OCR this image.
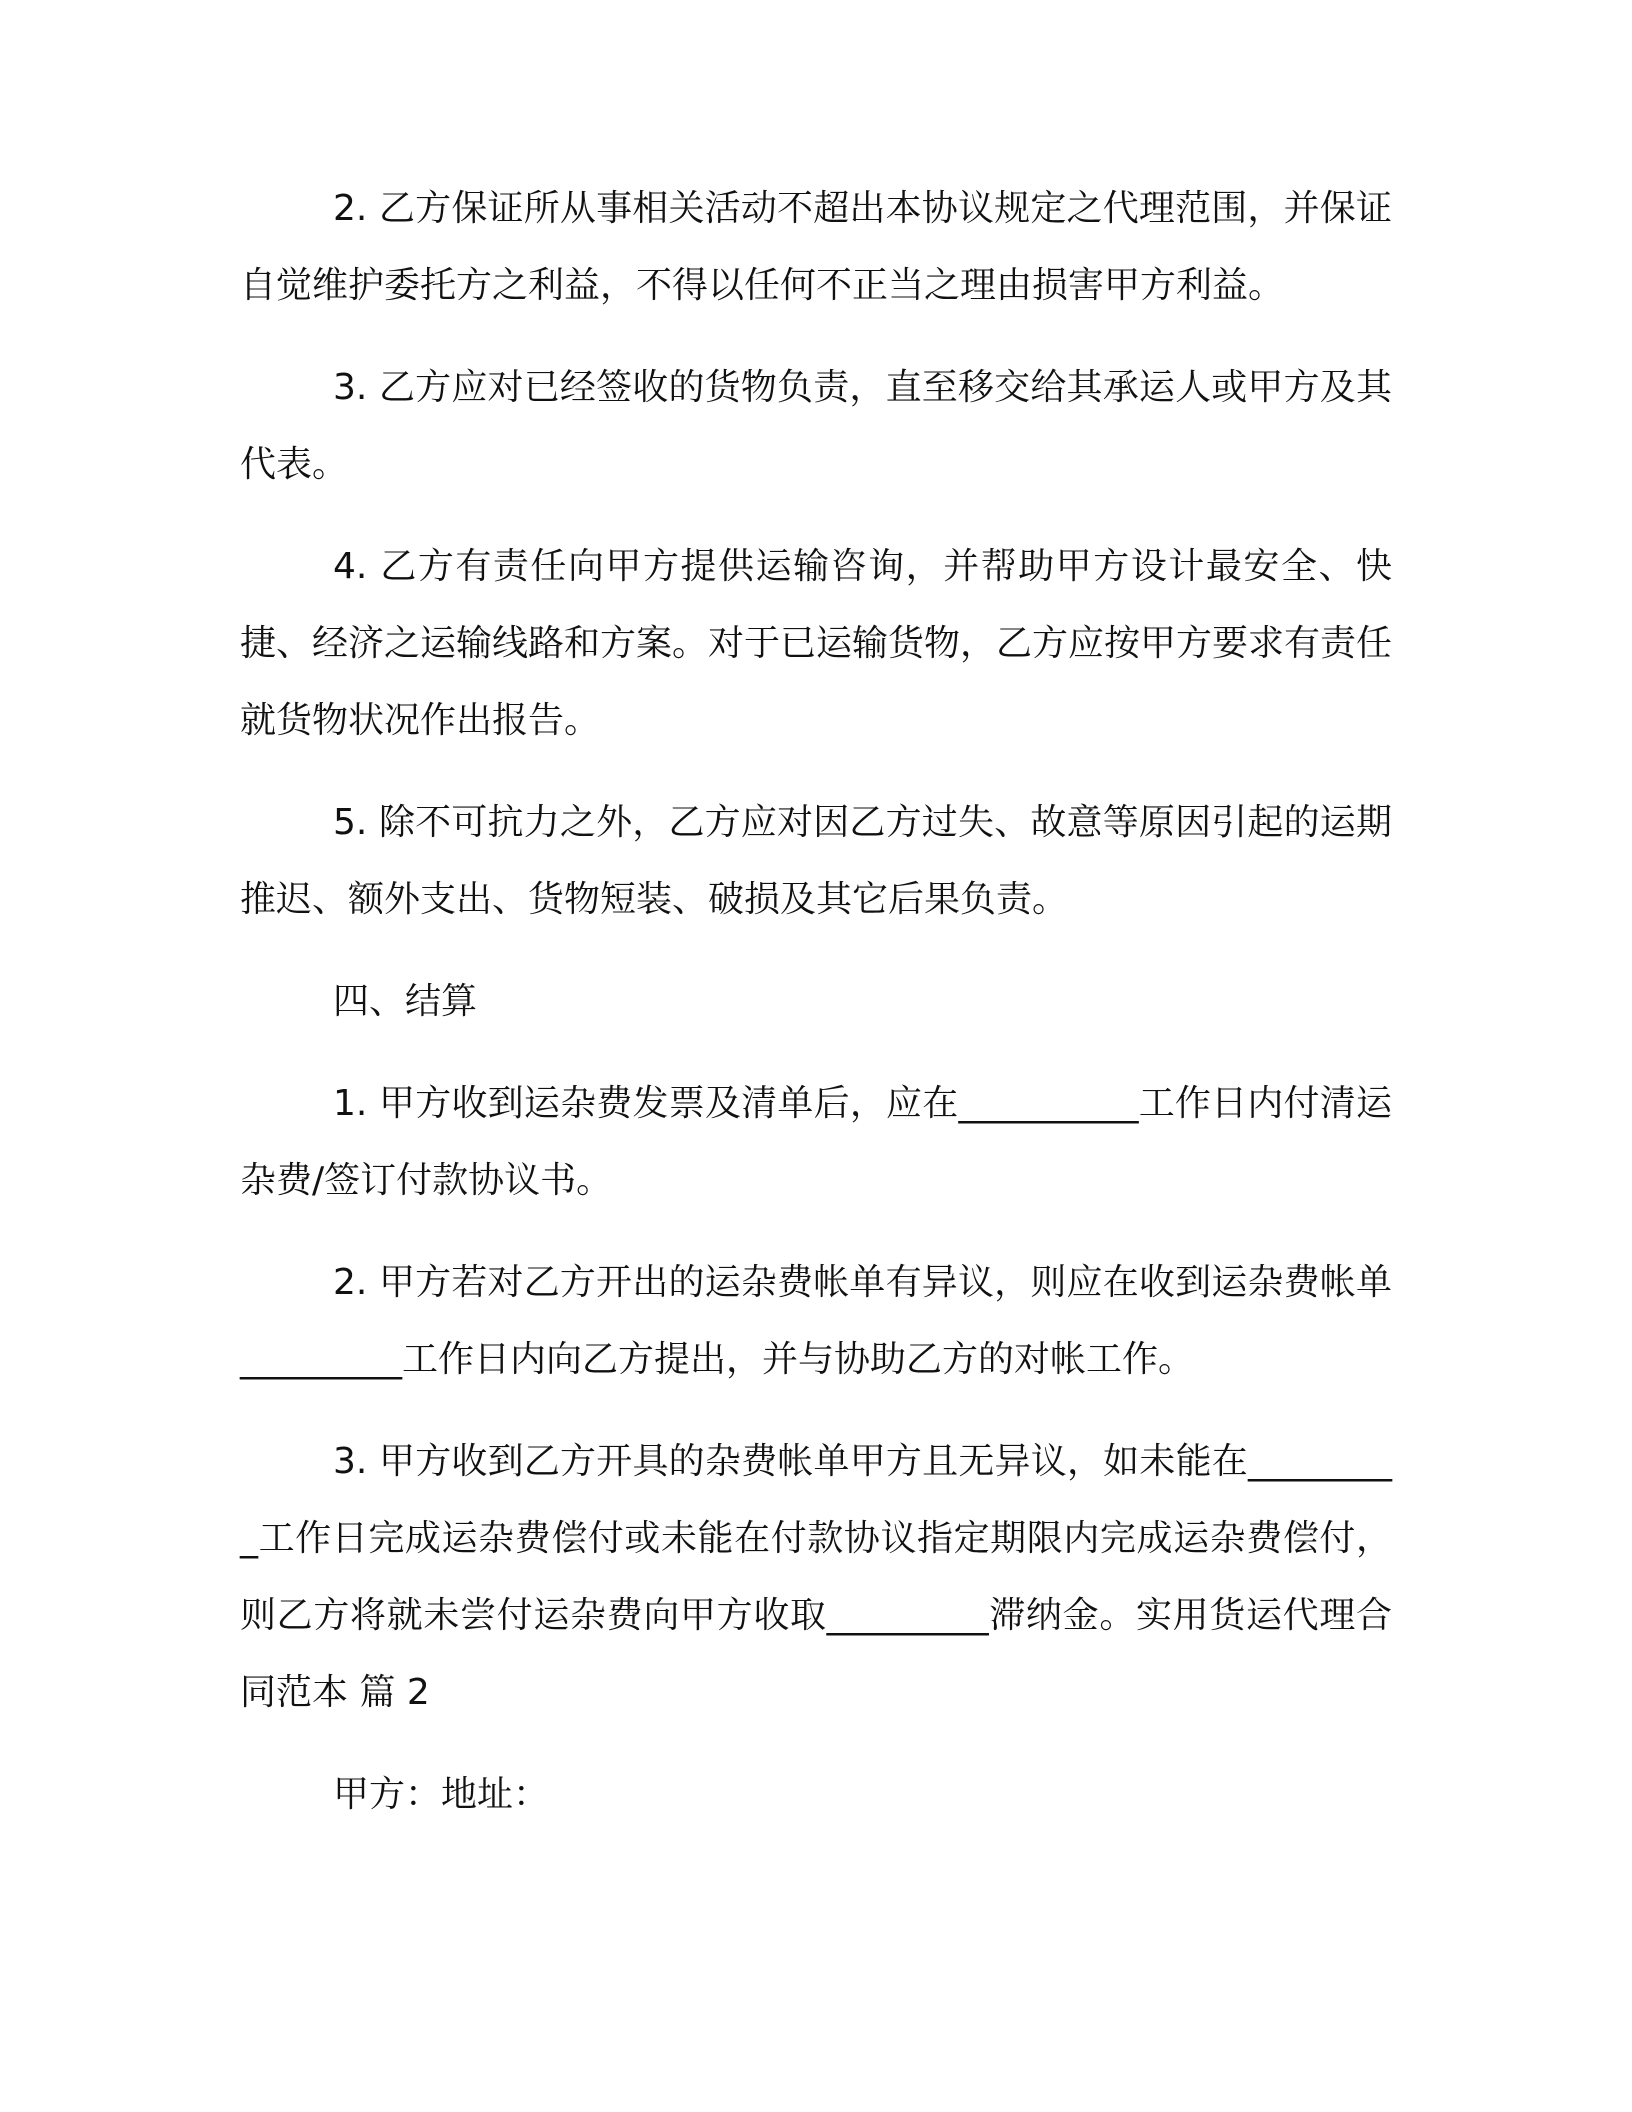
2. 乙方保证所从事相关活动不超出本协议规定之代理范围，并保证自觉维护委托方之利益，不得以任何不正当之理由损害甲方利益。

3. 乙方应对已经签收的货物负责，直至移交给其承运人或甲方及其代表。

4. 乙方有责任向甲方提供运输咨询，并帮助甲方设计最安全、快捷、经济之运输线路和方案。对于已运输货物，乙方应按甲方要求有责任就货物状况作出报告。

5. 除不可抗力之外，乙方应对因乙方过失、故意等原因引起的运期推迟、额外支出、货物短装、破损及其它后果负责。

四、结算

1. 甲方收到运杂费发票及清单后，应在__________工作日内付清运杂费/签订付款协议书。

2. 甲方若对乙方开出的运杂费帐单有异议，则应在收到运杂费帐单_________工作日内向乙方提出，并与协助乙方的对帐工作。

3. 甲方收到乙方开具的杂费帐单甲方且无异议，如未能在_________工作日完成运杂费偿付或未能在付款协议指定期限内完成运杂费偿付，则乙方将就未尝付运杂费向甲方收取_________滞纳金。实用货运代理合同范本 篇 2

甲方：地址：
